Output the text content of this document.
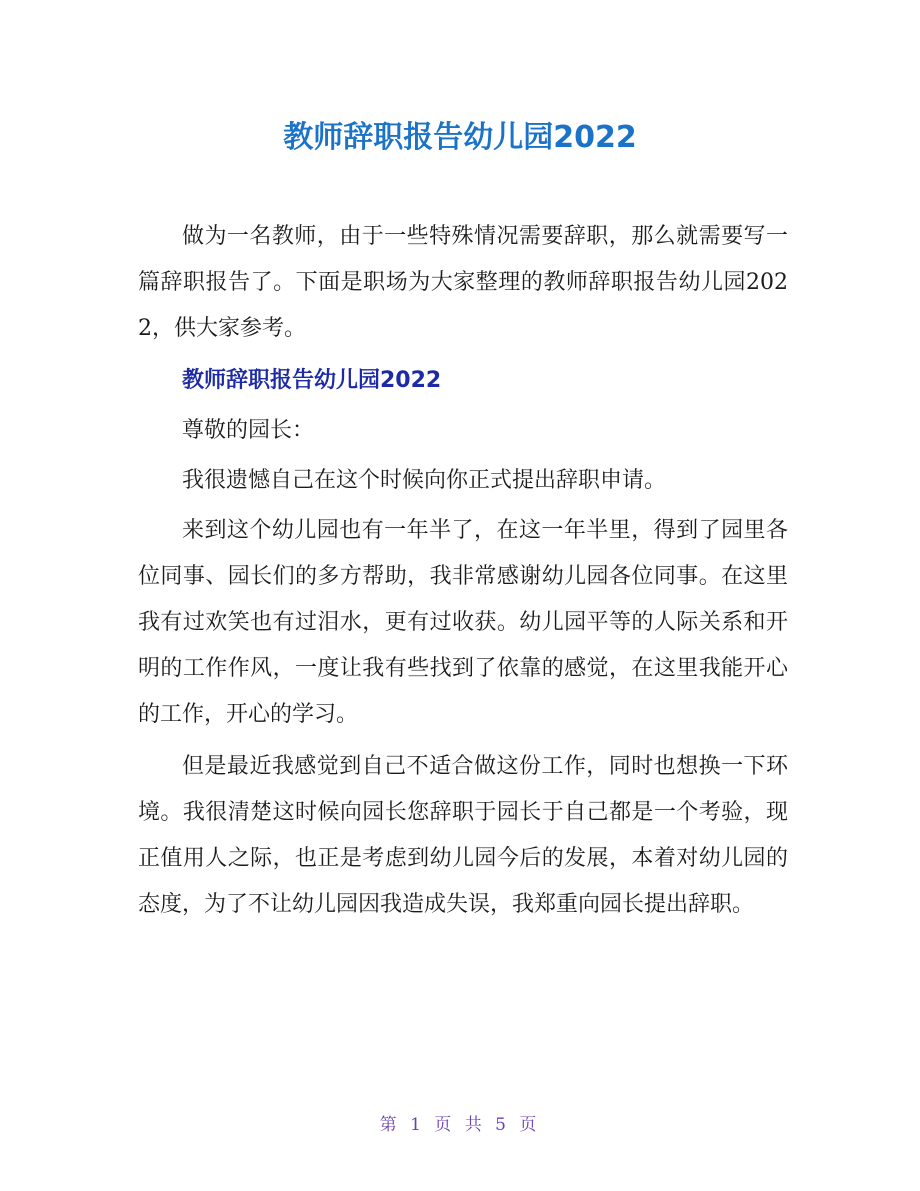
教师辞职报告幼儿园2022

做为一名教师，由于一些特殊情况需要辞职，那么就需要写一篇辞职报告了。下面是职场为大家整理的教师辞职报告幼儿园2022，供大家参考。

教师辞职报告幼儿园2022

尊敬的园长：

我很遗憾自己在这个时候向你正式提出辞职申请。

来到这个幼儿园也有一年半了，在这一年半里，得到了园里各位同事、园长们的多方帮助，我非常感谢幼儿园各位同事。在这里我有过欢笑也有过泪水，更有过收获。幼儿园平等的人际关系和开明的工作作风，一度让我有些找到了依靠的感觉，在这里我能开心的工作，开心的学习。

但是最近我感觉到自己不适合做这份工作，同时也想换一下环境。我很清楚这时候向园长您辞职于园长于自己都是一个考验，现正值用人之际，也正是考虑到幼儿园今后的发展，本着对幼儿园的态度，为了不让幼儿园因我造成失误，我郑重向园长提出辞职。

第 1 页 共 5 页
